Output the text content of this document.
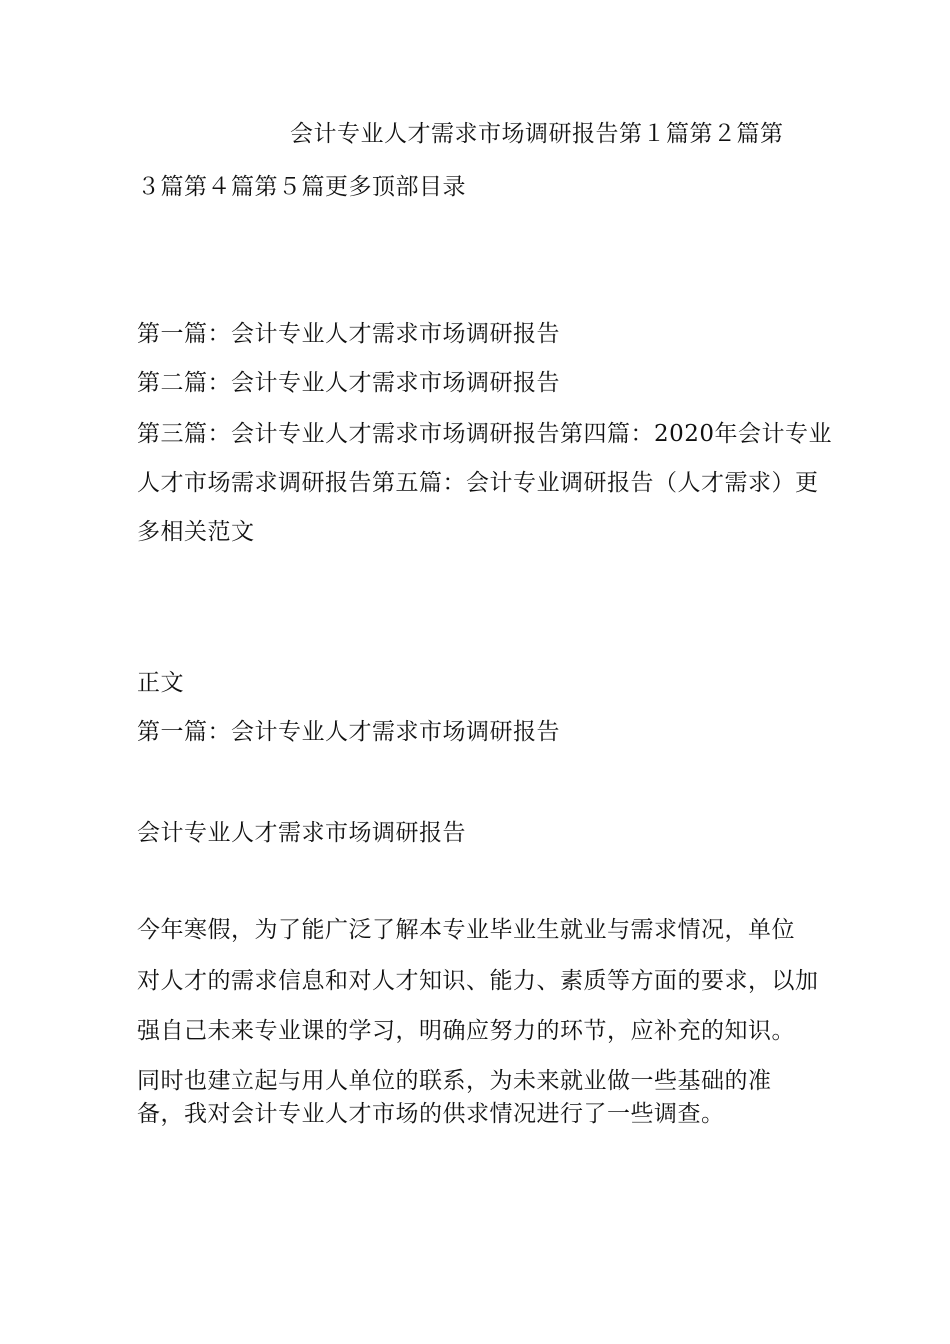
会计专业人才需求市场调研报告第１篇第２篇第
３篇第４篇第５篇更多顶部目录
第一篇：会计专业人才需求市场调研报告
第二篇：会计专业人才需求市场调研报告
第三篇：会计专业人才需求市场调研报告第四篇：2020年会计专业
人才市场需求调研报告第五篇：会计专业调研报告（人才需求）更
多相关范文
正文
第一篇：会计专业人才需求市场调研报告
会计专业人才需求市场调研报告
今年寒假，为了能广泛了解本专业毕业生就业与需求情况，单位
对人才的需求信息和对人才知识、能力、素质等方面的要求，以加
强自己未来专业课的学习，明确应努力的环节，应补充的知识。
同时也建立起与用人单位的联系，为未来就业做一些基础的准
备，我对会计专业人才市场的供求情况进行了一些调查。
